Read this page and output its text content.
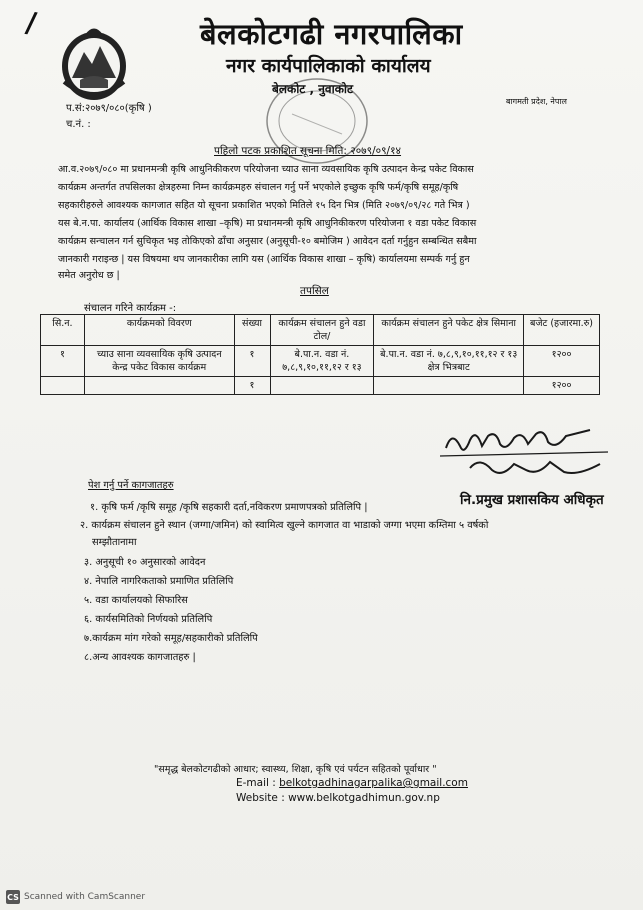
/	बेलकोटगढी नगरपालिका
नगर कार्यपालिकाको कार्यालय
बेलकोट , नुवाकोट
बागमती प्रदेश, नेपाल
प.सं:२०७९/०८०(कृषि )
च.नं. :
पहिलो पटक प्रकाशित सूचना मिति: २०७९/०९/१४
आ.व.२०७९/०८० मा प्रधानमन्त्री कृषि आधुनिकीकरण परियोजना च्याउ साना व्यवसायिक कृषि उत्पादन केन्द्र पकेट विकास
कार्यक्रम अन्तर्गत तपसिलका क्षेत्रहरुमा निम्न कार्यक्रमहरु संचालन गर्नु पर्ने भएकोले इच्छुक कृषि फर्म/कृषि समूह/कृषि
सहकारीहरुले आवश्यक कागजात सहित यो सूचना प्रकाशित भएको मितिले १५ दिन भित्र (मिति २०७९/०९/२८ गते भित्र )
यस बे.न.पा. कार्यालय (आर्थिक विकास शाखा –कृषि) मा प्रधानमन्त्री कृषि आधुनिकीकरण परियोजना १ वडा पकेट विकास
कार्यक्रम सन्चालन गर्न सुचिकृत भइ तोकिएको ढाँचा अनुसार (अनुसूची-१० बमोजिम ) आवेदन दर्ता गर्नुहुन सम्बन्धित सबैमा
जानकारी गराइन्छ | यस विषयमा थप जानकारीका लागि यस (आर्थिक विकास शाखा – कृषि) कार्यालयमा सम्पर्क गर्नु हुन
समेत अनुरोध छ |
तपसिल
संचालन गरिने कार्यक्रम -:
सि.न.	कार्यक्रमको विवरण	संख्या	कार्यक्रम संचालन हुने वडा टोल/	कार्यक्रम संचालन हुने पकेट क्षेत्र सिमाना	बजेट (हजारमा.रु)
१	च्याउ साना व्यवसायिक कृषि उत्पादन केन्द्र पकेट विकास कार्यक्रम	१	बे.पा.न. वडा नं. ७,८,९,१०,११,१२ र १३	बे.पा.न. वडा नं. ७,८,९,१०,११,१२ र १३ क्षेत्र भित्रबाट	१२००
		१			१२००
नि.प्रमुख प्रशासकिय अधिकृत
पेश गर्नु पर्ने कागजातहरु
१. कृषि फर्म /कृषि समूह /कृषि सहकारी दर्ता,नविकरण प्रमाणपत्रको प्रतिलिपि |
२. कार्यक्रम संचालन हुने स्थान (जग्गा/जमिन) को स्वामित्व खुल्ने कागजात वा भाडाको जग्गा भएमा कम्तिमा ५ वर्षको
सम्झौतानामा
३. अनुसूची १० अनुसारको आवेदन
४. नेपालि नागरिकताको प्रमाणित प्रतिलिपि
५. वडा कार्यालयको सिफारिस
६. कार्यसमितिको निर्णयको प्रतिलिपि
७.कार्यक्रम मांग गरेको समूह/सहकारीको प्रतिलिपि
८.अन्य आवश्यक कागजातहरु |
"समृद्ध बेलकोटगढीको आधार; स्वास्थ्य, शिक्षा, कृषि एवं पर्यटन सहितको पूर्वाधार "
E-mail : belkotgadhinagarpalika@gmail.com
Website : www.belkotgadhimun.gov.np
CS Scanned with CamScanner
